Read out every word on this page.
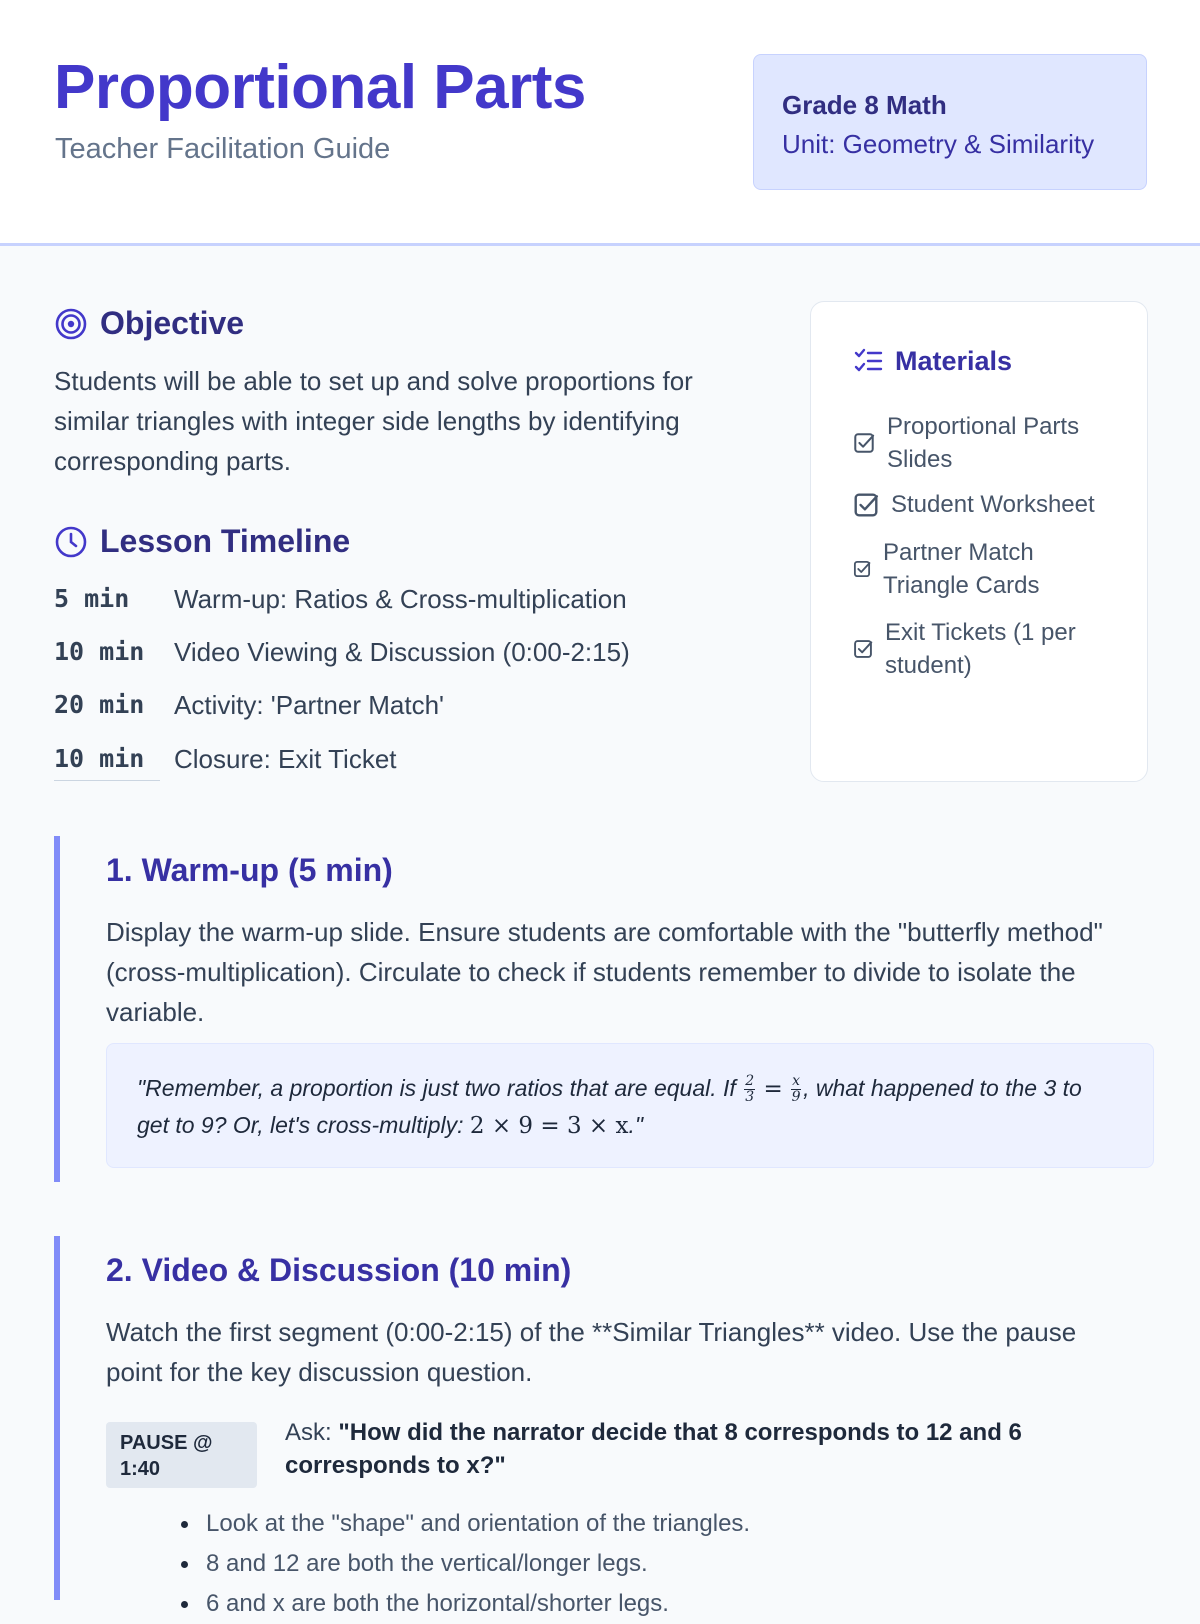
Proportional Parts
Teacher Facilitation Guide
Grade 8 Math
Unit: Geometry & Similarity
Objective
Students will be able to set up and solve proportions for similar triangles with integer side lengths by identifying corresponding parts.
Lesson Timeline
5 min Warm-up: Ratios & Cross-multiplication
10 min Video Viewing & Discussion (0:00-2:15)
20 min Activity: 'Partner Match'
10 min Closure: Exit Ticket
Materials
Proportional Parts Slides
Student Worksheet
Partner Match Triangle Cards
Exit Tickets (1 per student)
1. Warm-up (5 min)
Display the warm-up slide. Ensure students are comfortable with the "butterfly method" (cross-multiplication). Circulate to check if students remember to divide to isolate the variable.

"Remember, a proportion is just two ratios that are equal. If $\frac{2}{3} = \frac{x}{9}$ , what happened to the 3 to get to 9? Or, let's cross-multiply: 2 × 9 = 3 × x."

2. Video & Discussion (10 min)
Watch the first segment (0:00-2:15) of the **Similar Triangles** video. Use the pause point for the key discussion question.
PAUSE @ 1:40
Ask: "How did the narrator decide that 8 corresponds to 12 and 6 corresponds to x?"
Look at the "shape" and orientation of the triangles.
8 and 12 are both the vertical/longer legs.
6 and x are both the horizontal/shorter legs.
